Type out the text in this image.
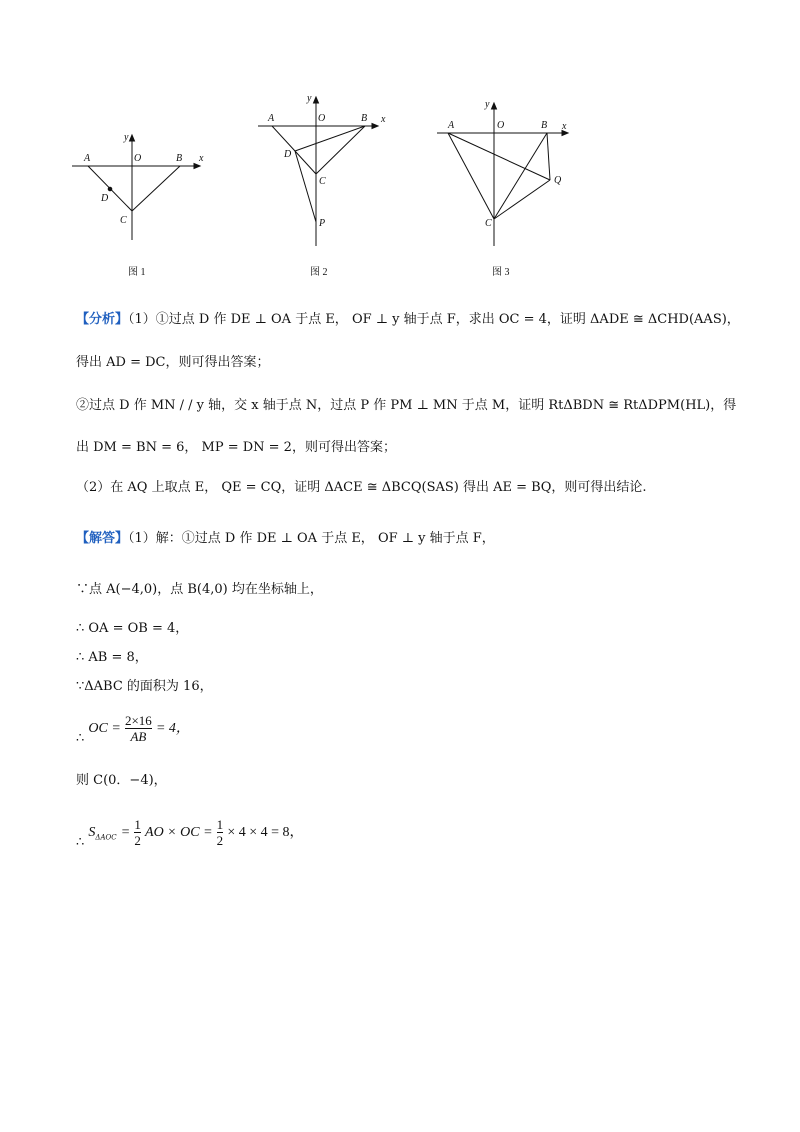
y
A	O	B x
D
C
图 1
y
A	O	B x
D
C
P
图 2
y
A	O	B x
Q
C
图 3
【分析】（1）①过点 D 作 DE ⊥ OA 于点 E， OF ⊥ y 轴于点 F，求出 OC = 4，证明 ΔADE ≅ ΔCHD(AAS)，
得出 AD = DC，则可得出答案；
②过点 D 作 MN / / y 轴，交 x 轴于点 N，过点 P 作 PM ⊥ MN 于点 M，证明 RtΔBDN ≅ RtΔDPM(HL)，得
出 DM = BN = 6， MP = DN = 2，则可得出答案；
（2）在 AQ 上取点 E， QE = CQ，证明 ΔACE ≅ ΔBCQ(SAS) 得出 AE = BQ，则可得出结论.
【解答】（1）解：①过点 D 作 DE ⊥ OA 于点 E， OF ⊥ y 轴于点 F，
∵点 A(−4,0)，点 B(4,0) 均在坐标轴上，
∴ OA = OB = 4，
∴ AB = 8，
∵ΔABC 的面积为 16，
∴ OC = $\frac{2\times 16}{AB} = 4$，
则 C(0．−4)，
∴ $S_{\Delta AOC} = \frac{1}{2}$ AO × OC = $\frac{1}{2} \times 4 \times 4 = 8$，
